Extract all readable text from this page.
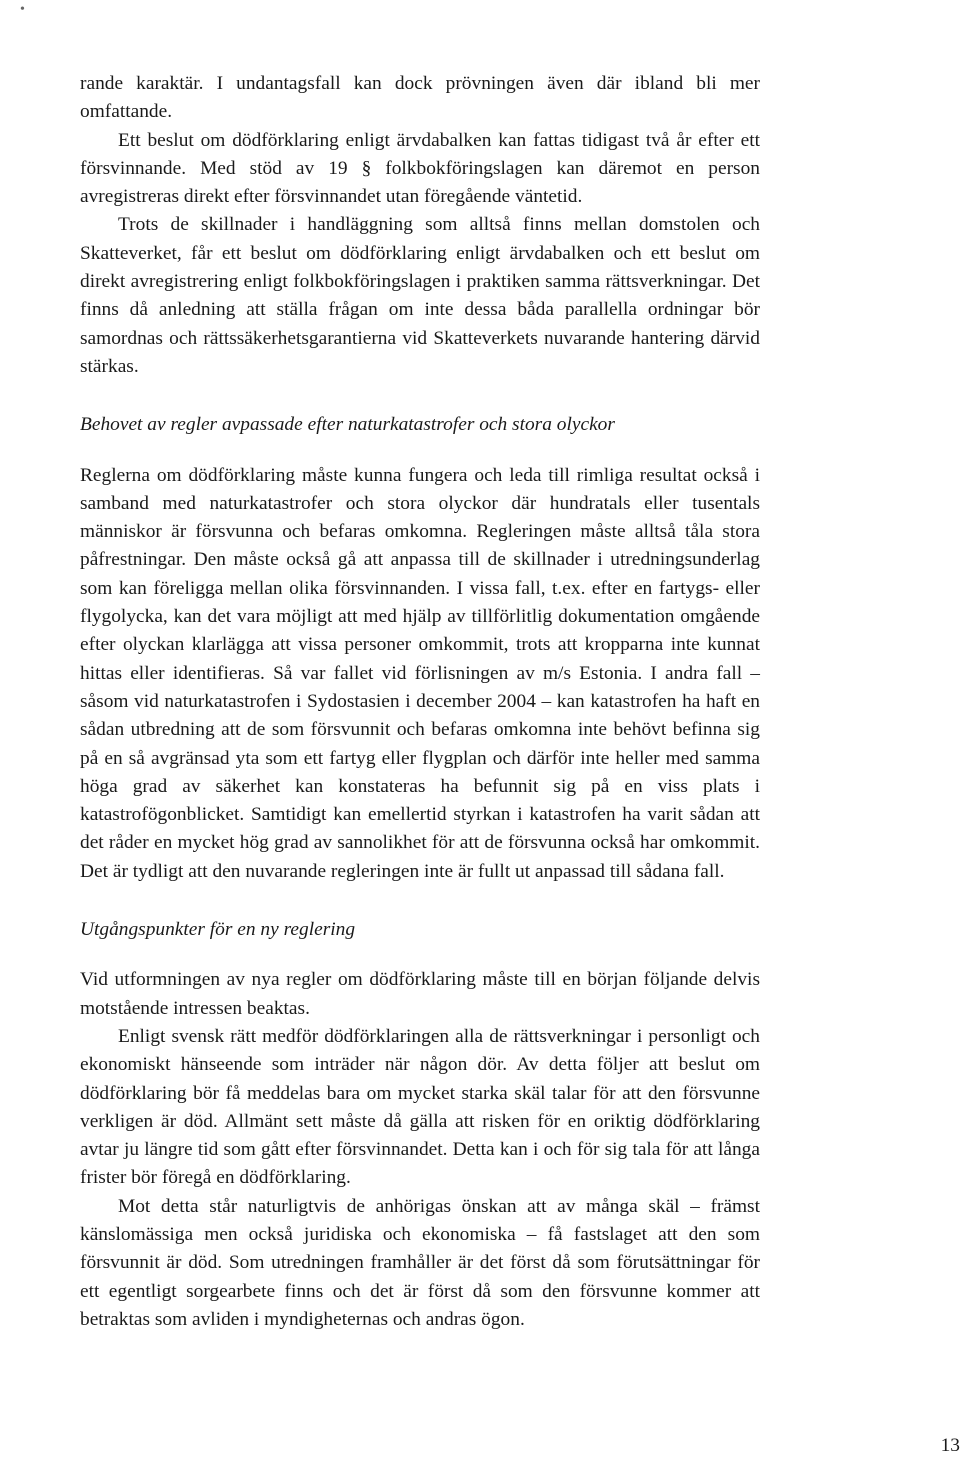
•

rande karaktär. I undantagsfall kan dock prövningen även där ibland bli mer omfattande.

Ett beslut om dödförklaring enligt ärvdabalken kan fattas tidigast två år efter ett försvinnande. Med stöd av 19 § folkbokföringslagen kan däremot en person avregistreras direkt efter försvinnandet utan föregående väntetid.

Trots de skillnader i handläggning som alltså finns mellan domstolen och Skatteverket, får ett beslut om dödförklaring enligt ärvdabalken och ett beslut om direkt avregistrering enligt folkbokföringslagen i praktiken samma rättsverkningar. Det finns då anledning att ställa frågan om inte dessa båda parallella ordningar bör samordnas och rättssäkerhetsgarantierna vid Skatteverkets nuvarande hantering därvid stärkas.

Behovet av regler avpassade efter naturkatastrofer och stora olyckor

Reglerna om dödförklaring måste kunna fungera och leda till rimliga resultat också i samband med naturkatastrofer och stora olyckor där hundratals eller tusentals människor är försvunna och befaras omkomna. Regleringen måste alltså tåla stora påfrestningar. Den måste också gå att anpassa till de skillnader i utredningsunderlag som kan föreligga mellan olika försvinnanden. I vissa fall, t.ex. efter en fartygs- eller flygolycka, kan det vara möjligt att med hjälp av tillförlitlig dokumentation omgående efter olyckan klarlägga att vissa personer omkommit, trots att kropparna inte kunnat hittas eller identifieras. Så var fallet vid förlisningen av m/s Estonia. I andra fall – såsom vid naturkatastrofen i Sydostasien i december 2004 – kan katastrofen ha haft en sådan utbredning att de som försvunnit och befaras omkomna inte behövt befinna sig på en så avgränsad yta som ett fartyg eller flygplan och därför inte heller med samma höga grad av säkerhet kan konstateras ha befunnit sig på en viss plats i katastrofögonblicket. Samtidigt kan emellertid styrkan i katastrofen ha varit sådan att det råder en mycket hög grad av sannolikhet för att de försvunna också har omkommit. Det är tydligt att den nuvarande regleringen inte är fullt ut anpassad till sådana fall.

Utgångspunkter för en ny reglering

Vid utformningen av nya regler om dödförklaring måste till en början följande delvis motstående intressen beaktas.

Enligt svensk rätt medför dödförklaringen alla de rättsverkningar i personligt och ekonomiskt hänseende som inträder när någon dör. Av detta följer att beslut om dödförklaring bör få meddelas bara om mycket starka skäl talar för att den försvunne verkligen är död. Allmänt sett måste då gälla att risken för en oriktig dödförklaring avtar ju längre tid som gått efter försvinnandet. Detta kan i och för sig tala för att långa frister bör föregå en dödförklaring.

Mot detta står naturligtvis de anhörigas önskan att av många skäl – främst känslomässiga men också juridiska och ekonomiska – få fastslaget att den som försvunnit är död. Som utredningen framhåller är det först då som förutsättningar för ett egentligt sorgearbete finns och det är först då som den försvunne kommer att betraktas som avliden i myndigheternas och andras ögon.

13
